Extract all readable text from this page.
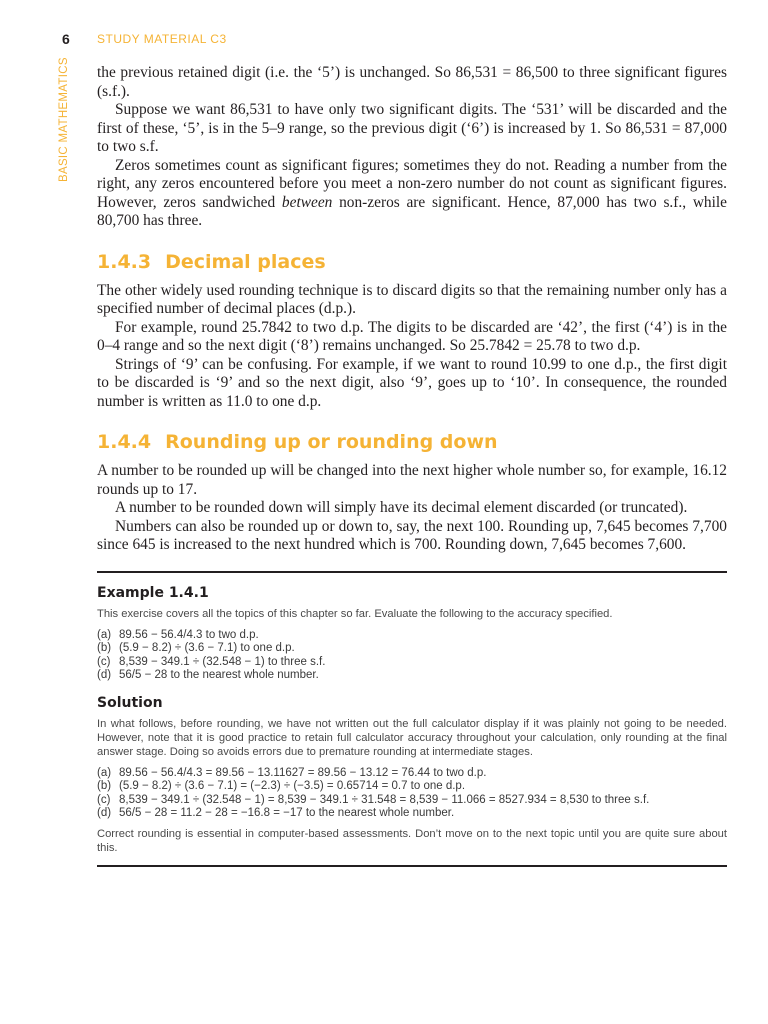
6 STUDY MATERIAL C3
BASIC MATHEMATICS the previous retained digit (i.e. the ‘5’) is unchanged. So 86,531 = 86,500 to three significant figures (s.f.).

Suppose we want 86,531 to have only two significant digits. The ‘531’ will be discarded and the first of these, ‘5’, is in the 5–9 range, so the previous digit (‘6’) is increased by 1. So 86,531 = 87,000 to two s.f.

Zeros sometimes count as significant figures; sometimes they do not. Reading a number from the right, any zeros encountered before you meet a non-zero number do not count as significant figures. However, zeros sandwiched between non-zeros are significant. Hence, 87,000 has two s.f., while 80,700 has three.

1.4.3 Decimal places

The other widely used rounding technique is to discard digits so that the remaining number only has a specified number of decimal places (d.p.).

For example, round 25.7842 to two d.p. The digits to be discarded are ‘42’, the first (‘4’) is in the 0–4 range and so the next digit (‘8’) remains unchanged. So 25.7842 = 25.78 to two d.p.

Strings of ‘9’ can be confusing. For example, if we want to round 10.99 to one d.p., the first digit to be discarded is ‘9’ and so the next digit, also ‘9’, goes up to ‘10’. In consequence, the rounded number is written as 11.0 to one d.p.

1.4.4 Rounding up or rounding down

A number to be rounded up will be changed into the next higher whole number so, for example, 16.12 rounds up to 17.

A number to be rounded down will simply have its decimal element discarded (or truncated).

Numbers can also be rounded up or down to, say, the next 100. Rounding up, 7,645 becomes 7,700 since 645 is increased to the next hundred which is 700. Rounding down, 7,645 becomes 7,600.

Example 1.4.1

This exercise covers all the topics of this chapter so far. Evaluate the following to the accuracy specified.

(a) 89.56 − 56.4/4.3 to two d.p.
(b) (5.9 − 8.2) ÷ (3.6 − 7.1) to one d.p.
(c) 8,539 − 349.1 ÷ (32.548 − 1) to three s.f.
(d) 56/5 − 28 to the nearest whole number.
Solution

In what follows, before rounding, we have not written out the full calculator display if it was plainly not going to be needed. However, note that it is good practice to retain full calculator accuracy throughout your calculation, only rounding at the final answer stage. Doing so avoids errors due to premature rounding at intermediate stages.

(a) 89.56 − 56.4/4.3 = 89.56 − 13.11627 = 89.56 − 13.12 = 76.44 to two d.p.
(b) (5.9 − 8.2) ÷ (3.6 − 7.1) = (−2.3) ÷ (−3.5) = 0.65714 = 0.7 to one d.p.
(c) 8,539 − 349.1 ÷ (32.548 − 1) = 8,539 − 349.1 ÷ 31.548 = 8,539 − 11.066 = 8527.934 = 8,530 to three s.f.
(d) 56/5 − 28 = 11.2 − 28 = −16.8 = −17 to the nearest whole number.

Correct rounding is essential in computer-based assessments. Don’t move on to the next topic until you are quite sure about this.
